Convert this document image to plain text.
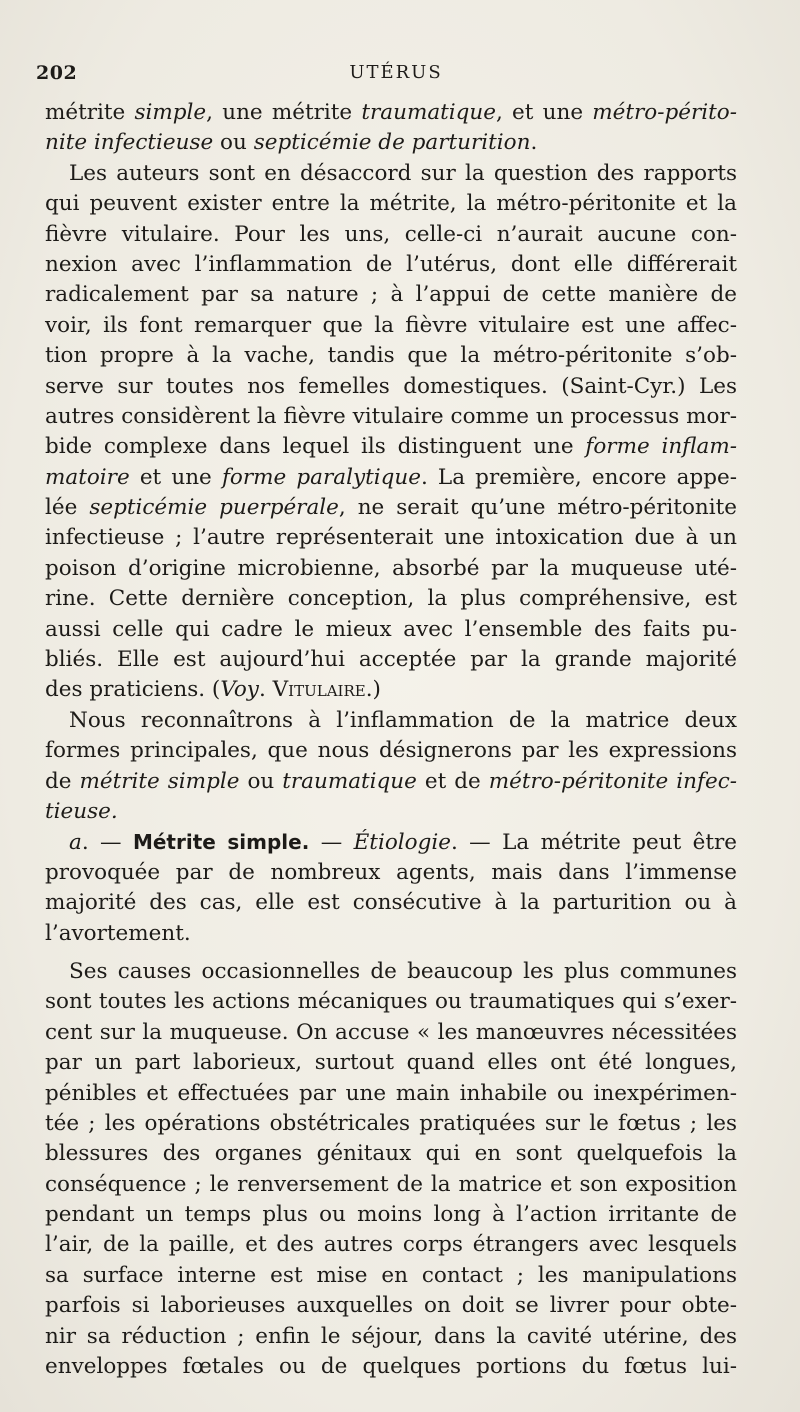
202	UTÉRUS
métrite simple, une métrite traumatique, et une métro-périto-
nite infectieuse ou septicémie de parturition.
Les auteurs sont en désaccord sur la question des rapports
qui peuvent exister entre la métrite, la métro-péritonite et la
fièvre vitulaire. Pour les uns, celle-ci n’aurait aucune con-
nexion avec l’inflammation de l’utérus, dont elle différerait
radicalement par sa nature ; à l’appui de cette manière de
voir, ils font remarquer que la fièvre vitulaire est une affec-
tion propre à la vache, tandis que la métro-péritonite s’ob-
serve sur toutes nos femelles domestiques. (Saint-Cyr.) Les
autres considèrent la fièvre vitulaire comme un processus mor-
bide complexe dans lequel ils distinguent une forme inflam-
matoire et une forme paralytique. La première, encore appe-
lée septicémie puerpérale, ne serait qu’une métro-péritonite
infectieuse ; l’autre représenterait une intoxication due à un
poison d’origine microbienne, absorbé par la muqueuse uté-
rine. Cette dernière conception, la plus compréhensive, est
aussi celle qui cadre le mieux avec l’ensemble des faits pu-
bliés. Elle est aujourd’hui acceptée par la grande majorité
des praticiens. (Voy. Vitulaire.)
Nous reconnaîtrons à l’inflammation de la matrice deux
formes principales, que nous désignerons par les expressions
de métrite simple ou traumatique et de métro-péritonite infec-
tieuse.
a. — Métrite simple. — Étiologie. — La métrite peut être
provoquée par de nombreux agents, mais dans l’immense
majorité des cas, elle est consécutive à la parturition ou à
l’avortement.
Ses causes occasionnelles de beaucoup les plus communes
sont toutes les actions mécaniques ou traumatiques qui s’exer-
cent sur la muqueuse. On accuse « les manœuvres nécessitées
par un part laborieux, surtout quand elles ont été longues,
pénibles et effectuées par une main inhabile ou inexpérimen-
tée ; les opérations obstétricales pratiquées sur le fœtus ; les
blessures des organes génitaux qui en sont quelquefois la
conséquence ; le renversement de la matrice et son exposition
pendant un temps plus ou moins long à l’action irritante de
l’air, de la paille, et des autres corps étrangers avec lesquels
sa surface interne est mise en contact ; les manipulations
parfois si laborieuses auxquelles on doit se livrer pour obte-
nir sa réduction ; enfin le séjour, dans la cavité utérine, des
enveloppes fœtales ou de quelques portions du fœtus lui-
